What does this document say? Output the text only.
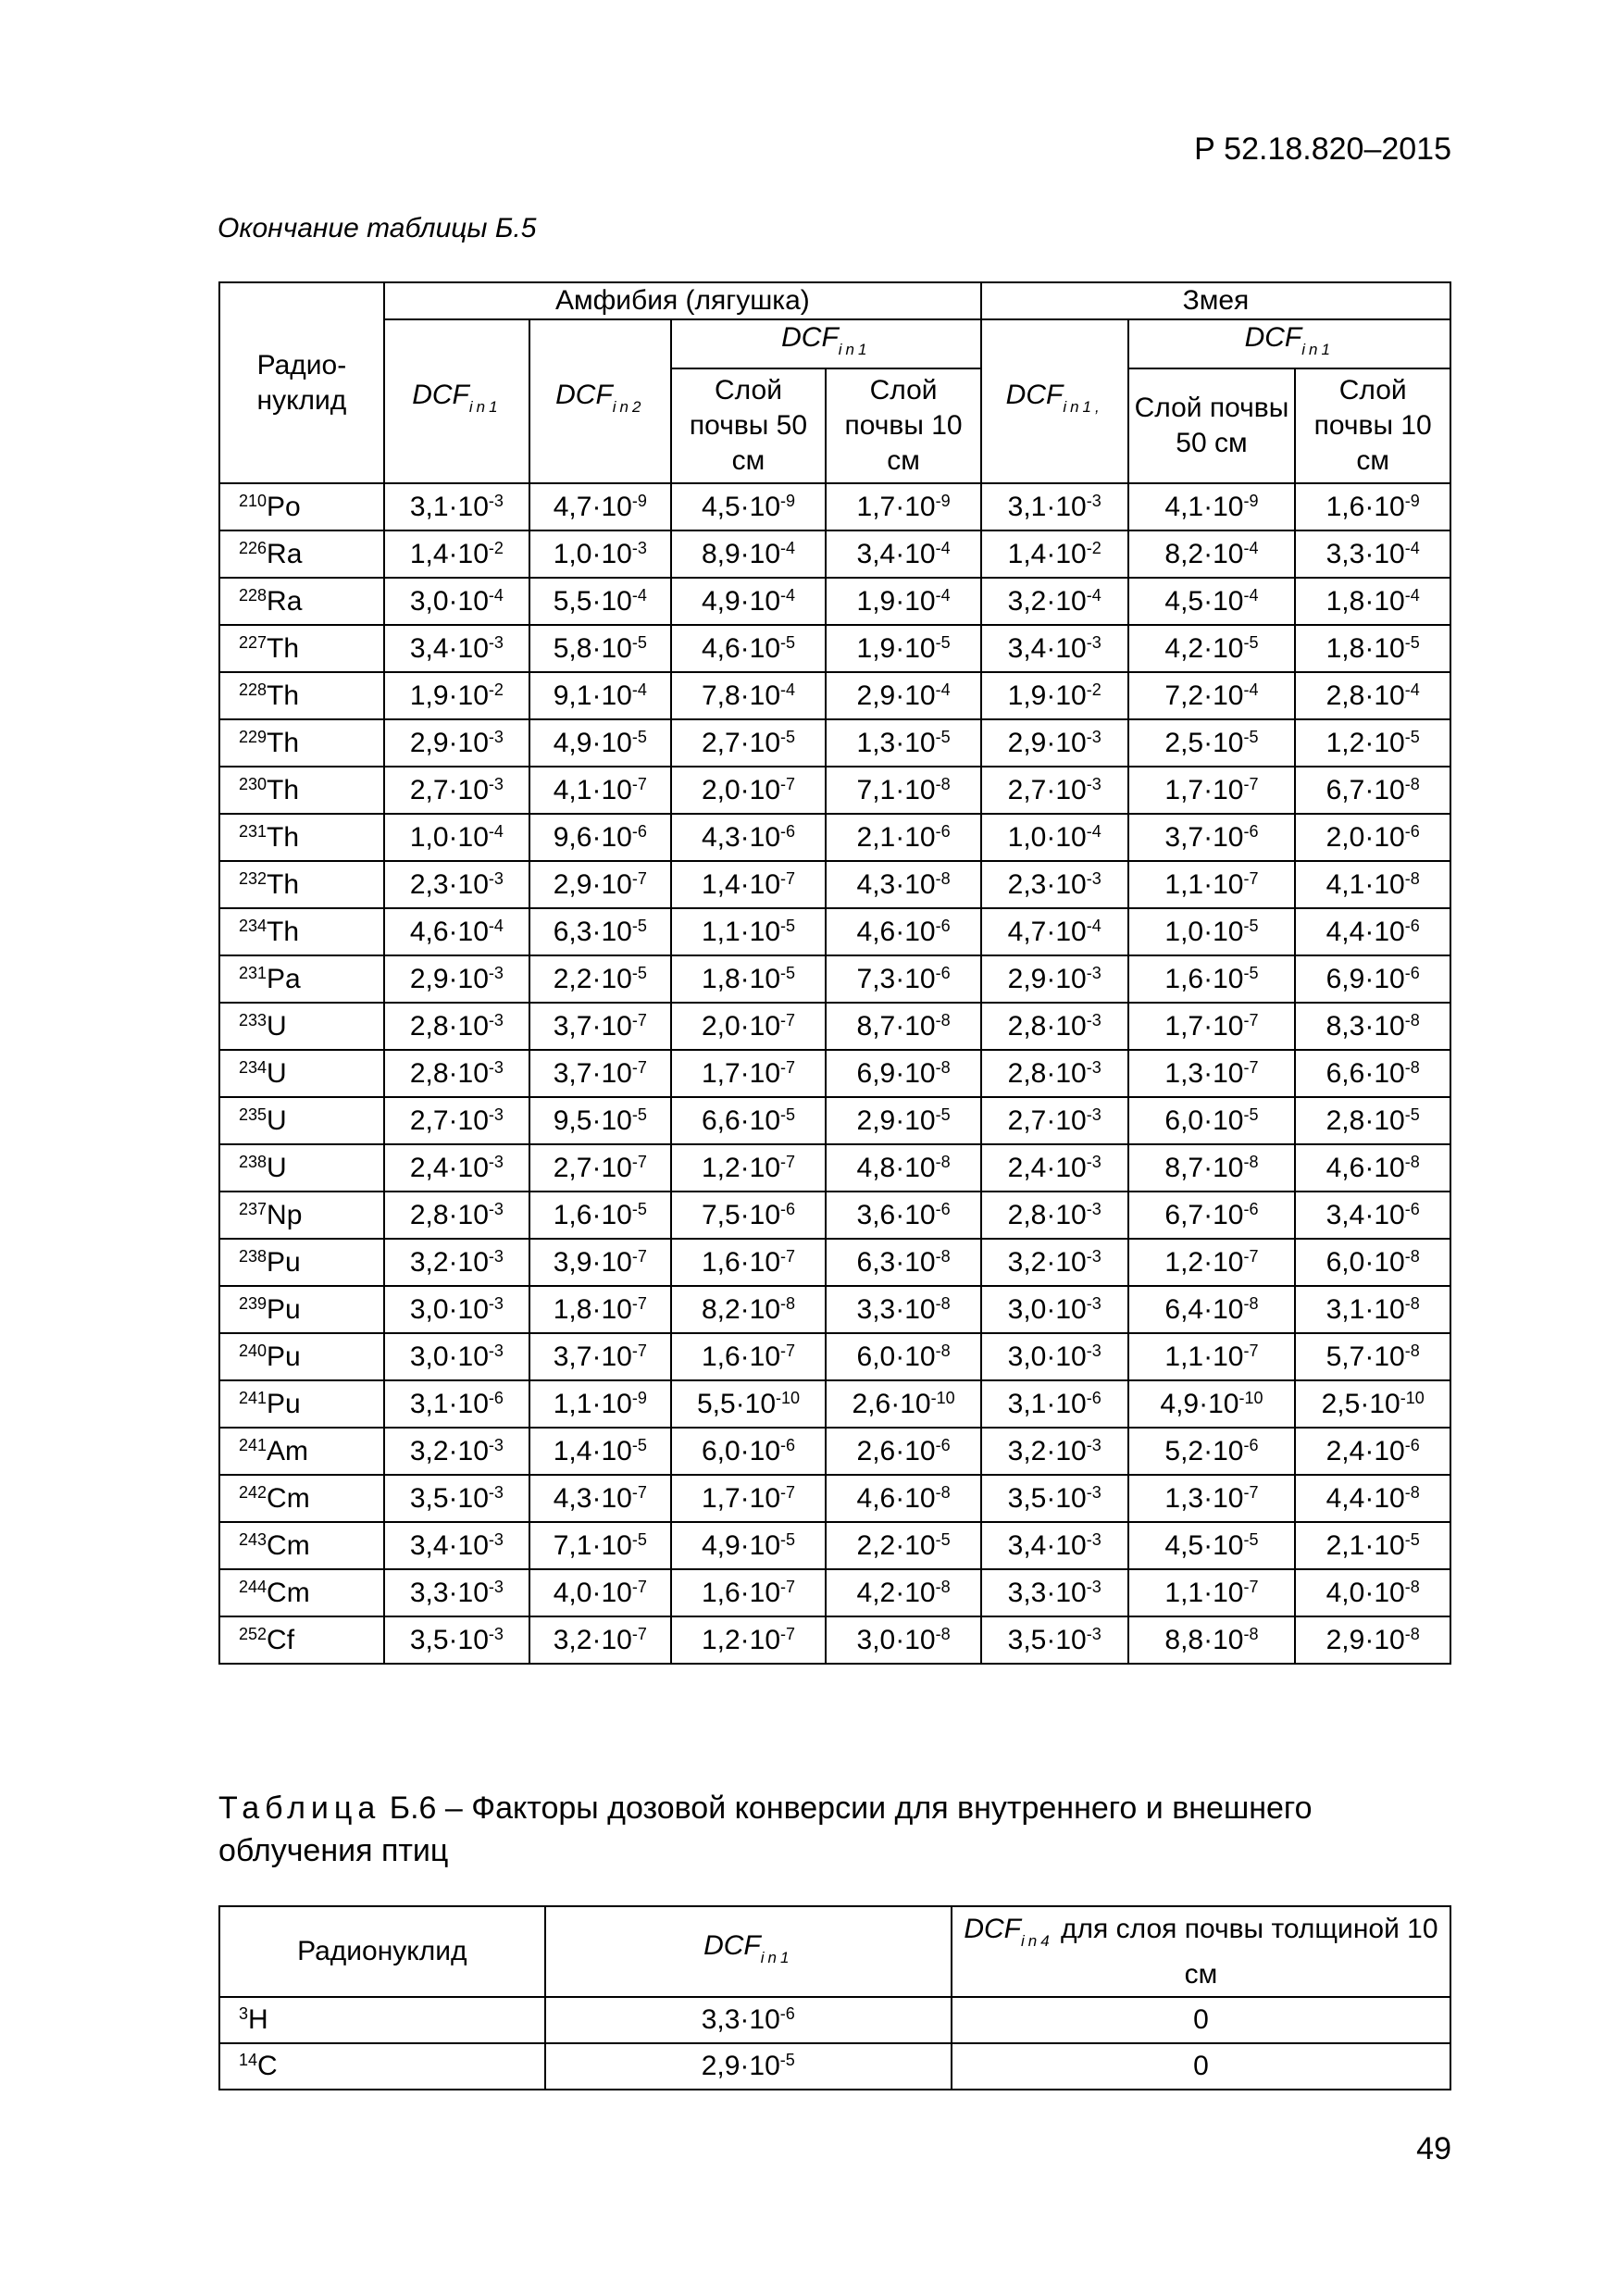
Р 52.18.820–2015
Окончание таблицы Б.5
Радио-нуклид	Амфибия (лягушка)				Змея		
	$DCF_{in1}$	$DCF_{in2}$	$DCF_{in1}$		$DCF_{in1,}$	$DCF_{in1}$
			Слой почвы 50 см	Слой почвы 10 см		Слой почвы 50 см	Слой почвы 10 см
$^{210}$Po	$3,1\cdot 10^{-3}$	$4,7\cdot 10^{-9}$	$4,5\cdot 10^{-9}$	$1,7\cdot 10^{-9}$	$3,1\cdot 10^{-3}$	$4,1\cdot 10^{-9}$	$1,6\cdot 10^{-9}$
$^{226}$Ra	$1,4\cdot 10^{-2}$	$1,0\cdot 10^{-3}$	$8,9\cdot 10^{-4}$	$3,4\cdot 10^{-4}$	$1,4\cdot 10^{-2}$	$8,2\cdot 10^{-4}$	$3,3\cdot 10^{-4}$
$^{228}$Ra	$3,0\cdot 10^{-4}$	$5,5\cdot 10^{-4}$	$4,9\cdot 10^{-4}$	$1,9\cdot 10^{-4}$	$3,2\cdot 10^{-4}$	$4,5\cdot 10^{-4}$	$1,8\cdot 10^{-4}$
$^{227}$Th	$3,4\cdot 10^{-3}$	$5,8\cdot 10^{-5}$	$4,6\cdot 10^{-5}$	$1,9\cdot 10^{-5}$	$3,4\cdot 10^{-3}$	$4,2\cdot 10^{-5}$	$1,8\cdot 10^{-5}$
$^{228}$Th	$1,9\cdot 10^{-2}$	$9,1\cdot 10^{-4}$	$7,8\cdot 10^{-4}$	$2,9\cdot 10^{-4}$	$1,9\cdot 10^{-2}$	$7,2\cdot 10^{-4}$	$2,8\cdot 10^{-4}$
$^{229}$Th	$2,9\cdot 10^{-3}$	$4,9\cdot 10^{-5}$	$2,7\cdot 10^{-5}$	$1,3\cdot 10^{-5}$	$2,9\cdot 10^{-3}$	$2,5\cdot 10^{-5}$	$1,2\cdot 10^{-5}$
$^{230}$Th	$2,7\cdot 10^{-3}$	$4,1\cdot 10^{-7}$	$2,0\cdot 10^{-7}$	$7,1\cdot 10^{-8}$	$2,7\cdot 10^{-3}$	$1,7\cdot 10^{-7}$	$6,7\cdot 10^{-8}$
$^{231}$Th	$1,0\cdot 10^{-4}$	$9,6\cdot 10^{-6}$	$4,3\cdot 10^{-6}$	$2,1\cdot 10^{-6}$	$1,0\cdot 10^{-4}$	$3,7\cdot 10^{-6}$	$2,0\cdot 10^{-6}$
$^{232}$Th	$2,3\cdot 10^{-3}$	$2,9\cdot 10^{-7}$	$1,4\cdot 10^{-7}$	$4,3\cdot 10^{-8}$	$2,3\cdot 10^{-3}$	$1,1\cdot 10^{-7}$	$4,1\cdot 10^{-8}$
$^{234}$Th	$4,6\cdot 10^{-4}$	$6,3\cdot 10^{-5}$	$1,1\cdot 10^{-5}$	$4,6\cdot 10^{-6}$	$4,7\cdot 10^{-4}$	$1,0\cdot 10^{-5}$	$4,4\cdot 10^{-6}$
$^{231}$Pa	$2,9\cdot 10^{-3}$	$2,2\cdot 10^{-5}$	$1,8\cdot 10^{-5}$	$7,3\cdot 10^{-6}$	$2,9\cdot 10^{-3}$	$1,6\cdot 10^{-5}$	$6,9\cdot 10^{-6}$
$^{233}$U	$2,8\cdot 10^{-3}$	$3,7\cdot 10^{-7}$	$2,0\cdot 10^{-7}$	$8,7\cdot 10^{-8}$	$2,8\cdot 10^{-3}$	$1,7\cdot 10^{-7}$	$8,3\cdot 10^{-8}$
$^{234}$U	$2,8\cdot 10^{-3}$	$3,7\cdot 10^{-7}$	$1,7\cdot 10^{-7}$	$6,9\cdot 10^{-8}$	$2,8\cdot 10^{-3}$	$1,3\cdot 10^{-7}$	$6,6\cdot 10^{-8}$
$^{235}$U	$2,7\cdot 10^{-3}$	$9,5\cdot 10^{-5}$	$6,6\cdot 10^{-5}$	$2,9\cdot 10^{-5}$	$2,7\cdot 10^{-3}$	$6,0\cdot 10^{-5}$	$2,8\cdot 10^{-5}$
$^{238}$U	$2,4\cdot 10^{-3}$	$2,7\cdot 10^{-7}$	$1,2\cdot 10^{-7}$	$4,8\cdot 10^{-8}$	$2,4\cdot 10^{-3}$	$8,7\cdot 10^{-8}$	$4,6\cdot 10^{-8}$
$^{237}$Np	$2,8\cdot 10^{-3}$	$1,6\cdot 10^{-5}$	$7,5\cdot 10^{-6}$	$3,6\cdot 10^{-6}$	$2,8\cdot 10^{-3}$	$6,7\cdot 10^{-6}$	$3,4\cdot 10^{-6}$
$^{238}$Pu	$3,2\cdot 10^{-3}$	$3,9\cdot 10^{-7}$	$1,6\cdot 10^{-7}$	$6,3\cdot 10^{-8}$	$3,2\cdot 10^{-3}$	$1,2\cdot 10^{-7}$	$6,0\cdot 10^{-8}$
$^{239}$Pu	$3,0\cdot 10^{-3}$	$1,8\cdot 10^{-7}$	$8,2\cdot 10^{-8}$	$3,3\cdot 10^{-8}$	$3,0\cdot 10^{-3}$	$6,4\cdot 10^{-8}$	$3,1\cdot 10^{-8}$
$^{240}$Pu	$3,0\cdot 10^{-3}$	$3,7\cdot 10^{-7}$	$1,6\cdot 10^{-7}$	$6,0\cdot 10^{-8}$	$3,0\cdot 10^{-3}$	$1,1\cdot 10^{-7}$	$5,7\cdot 10^{-8}$
$^{241}$Pu	$3,1\cdot 10^{-6}$	$1,1\cdot 10^{-9}$	$5,5\cdot 10^{-10}$	$2,6\cdot 10^{-10}$	$3,1\cdot 10^{-6}$	$4,9\cdot 10^{-10}$	$2,5\cdot 10^{-10}$
$^{241}$Am	$3,2\cdot 10^{-3}$	$1,4\cdot 10^{-5}$	$6,0\cdot 10^{-6}$	$2,6\cdot 10^{-6}$	$3,2\cdot 10^{-3}$	$5,2\cdot 10^{-6}$	$2,4\cdot 10^{-6}$
$^{242}$Cm	$3,5\cdot 10^{-3}$	$4,3\cdot 10^{-7}$	$1,7\cdot 10^{-7}$	$4,6\cdot 10^{-8}$	$3,5\cdot 10^{-3}$	$1,3\cdot 10^{-7}$	$4,4\cdot 10^{-8}$
$^{243}$Cm	$3,4\cdot 10^{-3}$	$7,1\cdot 10^{-5}$	$4,9\cdot 10^{-5}$	$2,2\cdot 10^{-5}$	$3,4\cdot 10^{-3}$	$4,5\cdot 10^{-5}$	$2,1\cdot 10^{-5}$
$^{244}$Cm	$3,3\cdot 10^{-3}$	$4,0\cdot 10^{-7}$	$1,6\cdot 10^{-7}$	$4,2\cdot 10^{-8}$	$3,3\cdot 10^{-3}$	$1,1\cdot 10^{-7}$	$4,0\cdot 10^{-8}$
$^{252}$Cf	$3,5\cdot 10^{-3}$	$3,2\cdot 10^{-7}$	$1,2\cdot 10^{-7}$	$3,0\cdot 10^{-8}$	$3,5\cdot 10^{-3}$	$8,8\cdot 10^{-8}$	$2,9\cdot 10^{-8}$
Таблица Б.6 – Факторы дозовой конверсии для внутреннего и внешнего облучения птиц
Радионуклид	$DCF_{in1}$	$DCF_{in4}$ для слоя почвы толщиной 10 см
$^3$H	$3,3\cdot 10^{-6}$	0
$^{14}$C	$2,9\cdot 10^{-5}$	0
49
